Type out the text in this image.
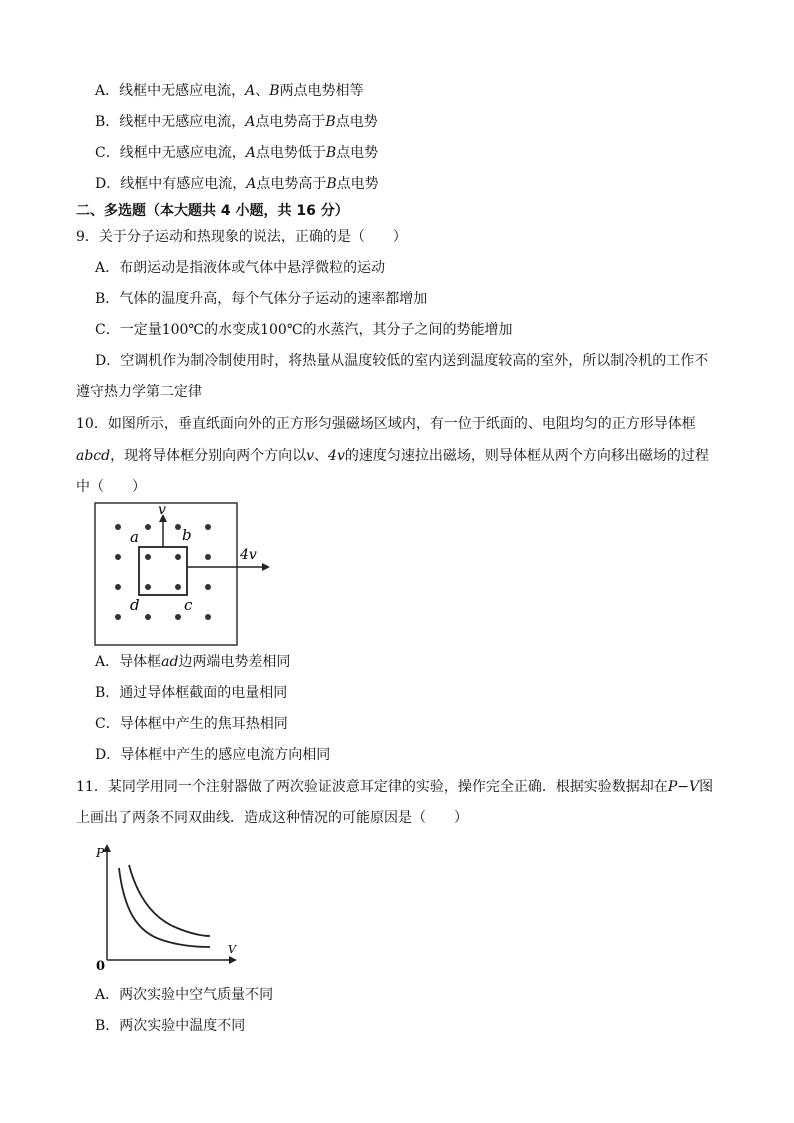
A．线框中无感应电流，A、B两点电势相等
B．线框中无感应电流，A点电势高于B点电势
C．线框中无感应电流，A点电势低于B点电势
D．线框中有感应电流，A点电势高于B点电势
二、多选题（本大题共 4 小题，共 16 分）
9．关于分子运动和热现象的说法，正确的是（　　）
A．布朗运动是指液体或气体中悬浮微粒的运动
B．气体的温度升高，每个气体分子运动的速率都增加
C．一定量100℃的水变成100℃的水蒸汽，其分子之间的势能增加
D．空调机作为制冷制使用时，将热量从温度较低的室内送到温度较高的室外，所以制冷机的工作不
遵守热力学第二定律
10．如图所示，垂直纸面向外的正方形匀强磁场区域内，有一位于纸面的、电阻均匀的正方形导体框
abcd，现将导体框分别向两个方向以v、4v的速度匀速拉出磁场，则导体框从两个方向移出磁场的过程
中（　　）
v
a	b
d	c
4v
A．导体框ad边两端电势差相同
B．通过导体框截面的电量相同
C．导体框中产生的焦耳热相同
D．导体框中产生的感应电流方向相同
11．某同学用同一个注射器做了两次验证波意耳定律的实验，操作完全正确．根据实验数据却在P−V图
上画出了两条不同双曲线．造成这种情况的可能原因是（　　）
P
V
0
A．两次实验中空气质量不同
B．两次实验中温度不同
